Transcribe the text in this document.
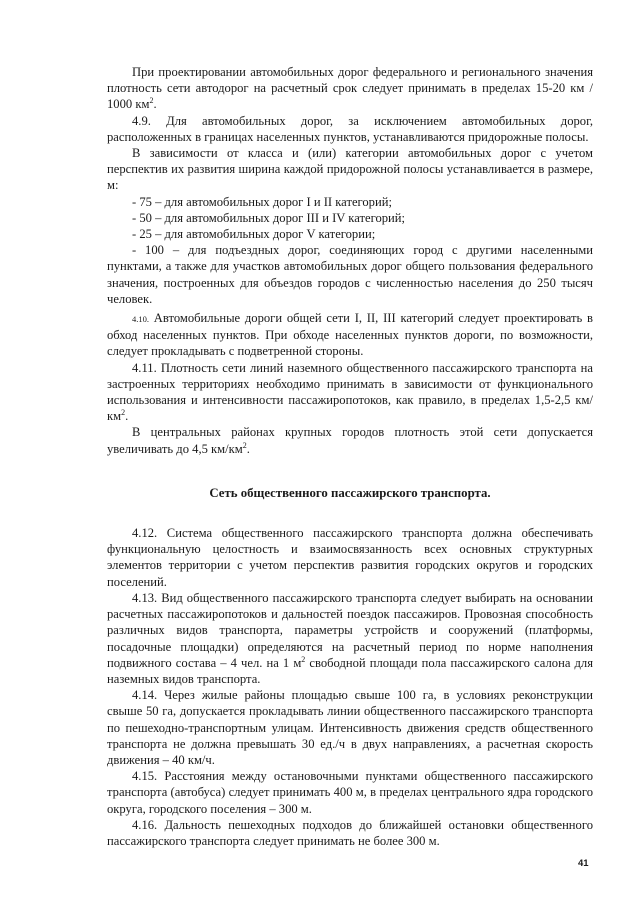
При проектировании автомобильных дорог федерального и регионального значения плотность сети автодорог на расчетный срок следует принимать в пределах 15-20 км / 1000 $км^2$.

4.9. Для автомобильных дорог, за исключением автомобильных дорог, расположенных в границах населенных пунктов, устанавливаются придорожные полосы.

В зависимости от класса и (или) категории автомобильных дорог с учетом перспектив их развития ширина каждой придорожной полосы устанавливается в размере, м:

- 75 – для автомобильных дорог I и II категорий;

- 50 – для автомобильных дорог III и IV категорий;

- 25 – для автомобильных дорог V категории;

- 100 – для подъездных дорог, соединяющих город с другими населенными пунктами, а также для участков автомобильных дорог общего пользования федерального значения, построенных для объездов городов с численностью населения до 250 тысяч человек.

4.10. Автомобильные дороги общей сети I, II, III категорий следует проектировать в обход населенных пунктов. При обходе населенных пунктов дороги, по возможности, следует прокладывать с подветренной стороны.

4.11. Плотность сети линий наземного общественного пассажирского транспорта на застроенных территориях необходимо принимать в зависимости от функционального использования и интенсивности пассажиропотоков, как правило, в пределах 1,5-2,5 $км/км^2$.

В центральных районах крупных городов плотность этой сети допускается увеличивать до 4,5 $км/км^2$.

Сеть общественного пассажирского транспорта.

4.12. Система общественного пассажирского транспорта должна обеспечивать функциональную целостность и взаимосвязанность всех основных структурных элементов территории с учетом перспектив развития городских округов и городских поселений.

4.13. Вид общественного пассажирского транспорта следует выбирать на основании расчетных пассажиропотоков и дальностей поездок пассажиров. Провозная способность различных видов транспорта, параметры устройств и сооружений (платформы, посадочные площадки) определяются на расчетный период по норме наполнения подвижного состава – 4 чел. на 1 $м^2$ свободной площади пола пассажирского салона для наземных видов транспорта.

4.14. Через жилые районы площадью свыше 100 га, в условиях реконструкции свыше 50 га, допускается прокладывать линии общественного пассажирского транспорта по пешеходно-транспортным улицам. Интенсивность движения средств общественного транспорта не должна превышать 30 ед./ч в двух направлениях, а расчетная скорость движения – 40 км/ч.

4.15. Расстояния между остановочными пунктами общественного пассажирского транспорта (автобуса) следует принимать 400 м, в пределах центрального ядра городского округа, городского поселения – 300 м.

4.16. Дальность пешеходных подходов до ближайшей остановки общественного пассажирского транспорта следует принимать не более 300 м.

41
